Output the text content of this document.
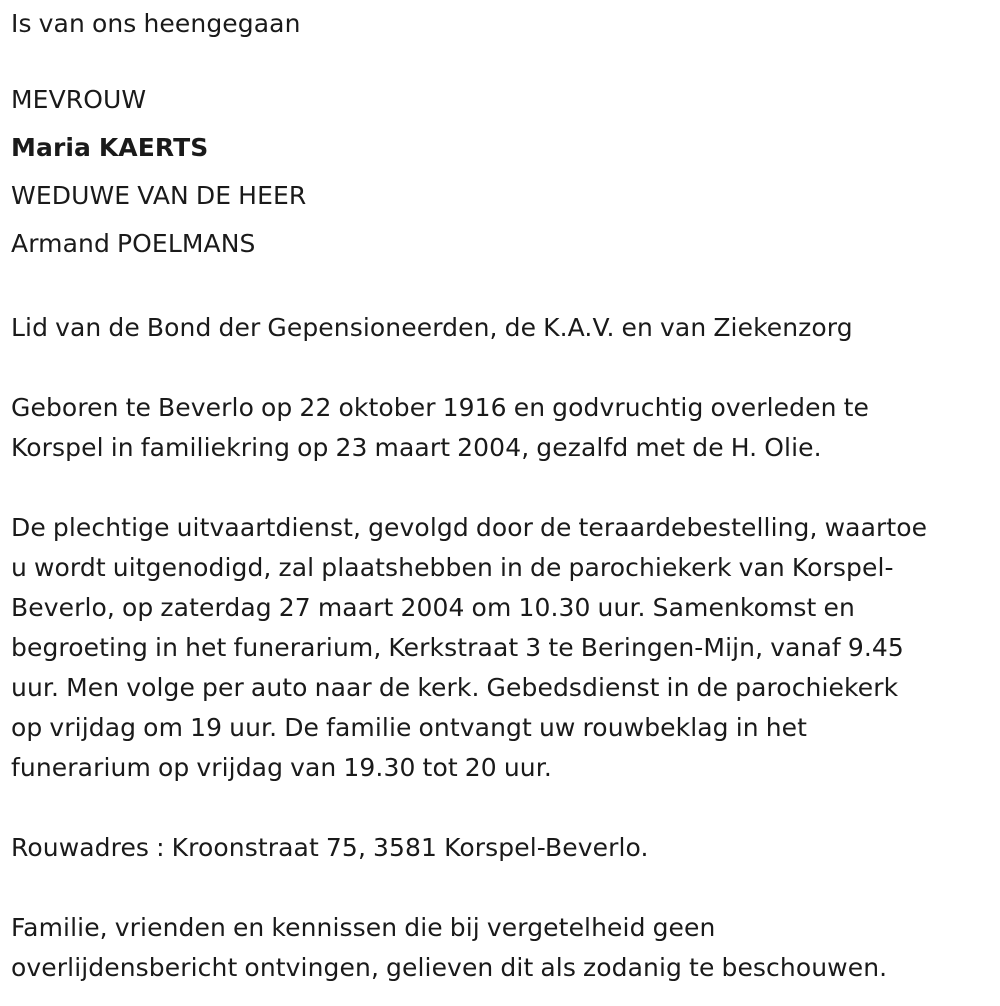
Is van ons heengegaan
MEVROUW
Maria KAERTS
WEDUWE VAN DE HEER
Armand POELMANS
Lid van de Bond der Gepensioneerden, de K.A.V. en van Ziekenzorg
Geboren te Beverlo op 22 oktober 1916 en godvruchtig overleden te
Korspel in familiekring op 23 maart 2004, gezalfd met de H. Olie.
De plechtige uitvaartdienst, gevolgd door de teraardebestelling, waartoe
u wordt uitgenodigd, zal plaatshebben in de parochiekerk van Korspel-
Beverlo, op zaterdag 27 maart 2004 om 10.30 uur. Samenkomst en
begroeting in het funerarium, Kerkstraat 3 te Beringen-Mijn, vanaf 9.45
uur. Men volge per auto naar de kerk. Gebedsdienst in de parochiekerk
op vrijdag om 19 uur. De familie ontvangt uw rouwbeklag in het
funerarium op vrijdag van 19.30 tot 20 uur.
Rouwadres : Kroonstraat 75, 3581 Korspel-Beverlo.
Familie, vrienden en kennissen die bij vergetelheid geen
overlijdensbericht ontvingen, gelieven dit als zodanig te beschouwen.
